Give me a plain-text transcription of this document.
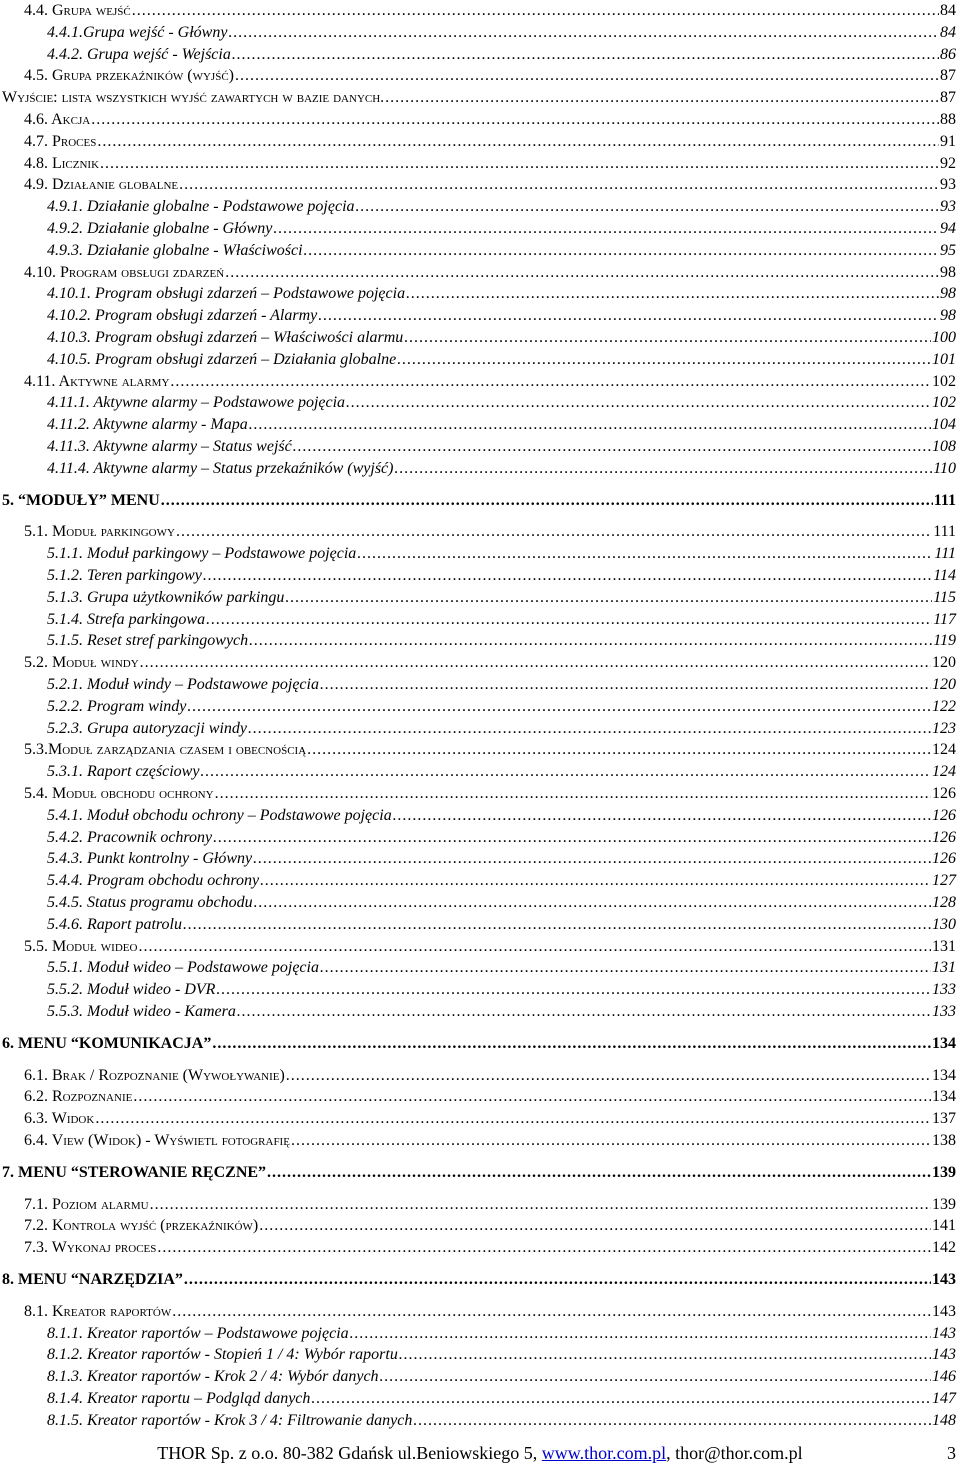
4.4. Grupa wejść .....	84
4.4.1.Grupa wejść - Główny .....	84
4.4.2. Grupa wejść - Wejścia .....	86
4.5. Grupa przekaźników (wyjść) .....	87
Wyjście: lista wszystkich wyjść zawartych w bazie danych. .....	87
4.6. Akcja .....	88
4.7. Proces .....	91
4.8. Licznik .....	92
4.9. Działanie globalne .....	93
4.9.1. Działanie globalne - Podstawowe pojęcia .....	93
4.9.2. Działanie globalne - Główny .....	94
4.9.3. Działanie globalne - Właściwości .....	95
4.10. Program obsługi zdarzeń .....	98
4.10.1. Program obsługi zdarzeń – Podstawowe pojęcia .....	98
4.10.2. Program obsługi zdarzeń - Alarmy .....	98
4.10.3. Program obsługi zdarzeń – Właściwości alarmu .....	100
4.10.5. Program obsługi zdarzeń – Działania globalne .....	101
4.11. Aktywne alarmy .....	102
4.11.1. Aktywne alarmy – Podstawowe pojęcia .....	102
4.11.2. Aktywne alarmy - Mapa .....	104
4.11.3. Aktywne alarmy – Status wejść .....	108
4.11.4. Aktywne alarmy – Status przekaźników (wyjść) .....	110
5. “MODUŁY” MENU .....	111
5.1. Moduł parkingowy .....	111
5.1.1. Moduł parkingowy – Podstawowe pojęcia .....	111
5.1.2. Teren parkingowy .....	114
5.1.3. Grupa użytkowników parkingu .....	115
5.1.4. Strefa parkingowa .....	117
5.1.5. Reset stref parkingowych .....	119
5.2. Moduł windy .....	120
5.2.1. Moduł windy – Podstawowe pojęcia .....	120
5.2.2. Program windy .....	122
5.2.3. Grupa autoryzacji windy .....	123
5.3.Moduł zarządzania czasem i obecnością .....	124
5.3.1. Raport częściowy .....	124
5.4. Moduł obchodu ochrony .....	126
5.4.1. Moduł obchodu ochrony – Podstawowe pojęcia .....	126
5.4.2. Pracownik ochrony .....	126
5.4.3. Punkt kontrolny - Główny .....	126
5.4.4. Program obchodu ochrony .....	127
5.4.5. Status programu obchodu .....	128
5.4.6. Raport patrolu .....	130
5.5. Moduł wideo .....	131
5.5.1. Moduł wideo – Podstawowe pojęcia .....	131
5.5.2. Moduł wideo - DVR .....	133
5.5.3. Moduł wideo - Kamera .....	133
6. MENU “KOMUNIKACJA” .....	134
6.1. Brak / Rozpoznanie (Wywoływanie) .....	134
6.2. Rozpoznanie .....	134
6.3. Widok .....	137
6.4. View (Widok) - Wyświetl fotografię .....	138
7. MENU “STEROWANIE RĘCZNE” .....	139
7.1. Poziom alarmu .....	139
7.2. Kontrola wyjść (przekaźników) .....	141
7.3. Wykonaj proces .....	142
8. MENU “NARZĘDZIA” .....	143
8.1. Kreator raportów .....	143
8.1.1. Kreator raportów – Podstawowe pojęcia .....	143
8.1.2. Kreator raportów - Stopień 1 / 4: Wybór raportu .....	143
8.1.3. Kreator raportów - Krok 2 / 4: Wybór danych .....	146
8.1.4. Kreator raportu – Podgląd danych .....	147
8.1.5. Kreator raportów - Krok 3 / 4: Filtrowanie danych .....	148
THOR Sp. z o.o. 80-382 Gdańsk ul.Beniowskiego 5, www.thor.com.pl, thor@thor.com.pl	3
